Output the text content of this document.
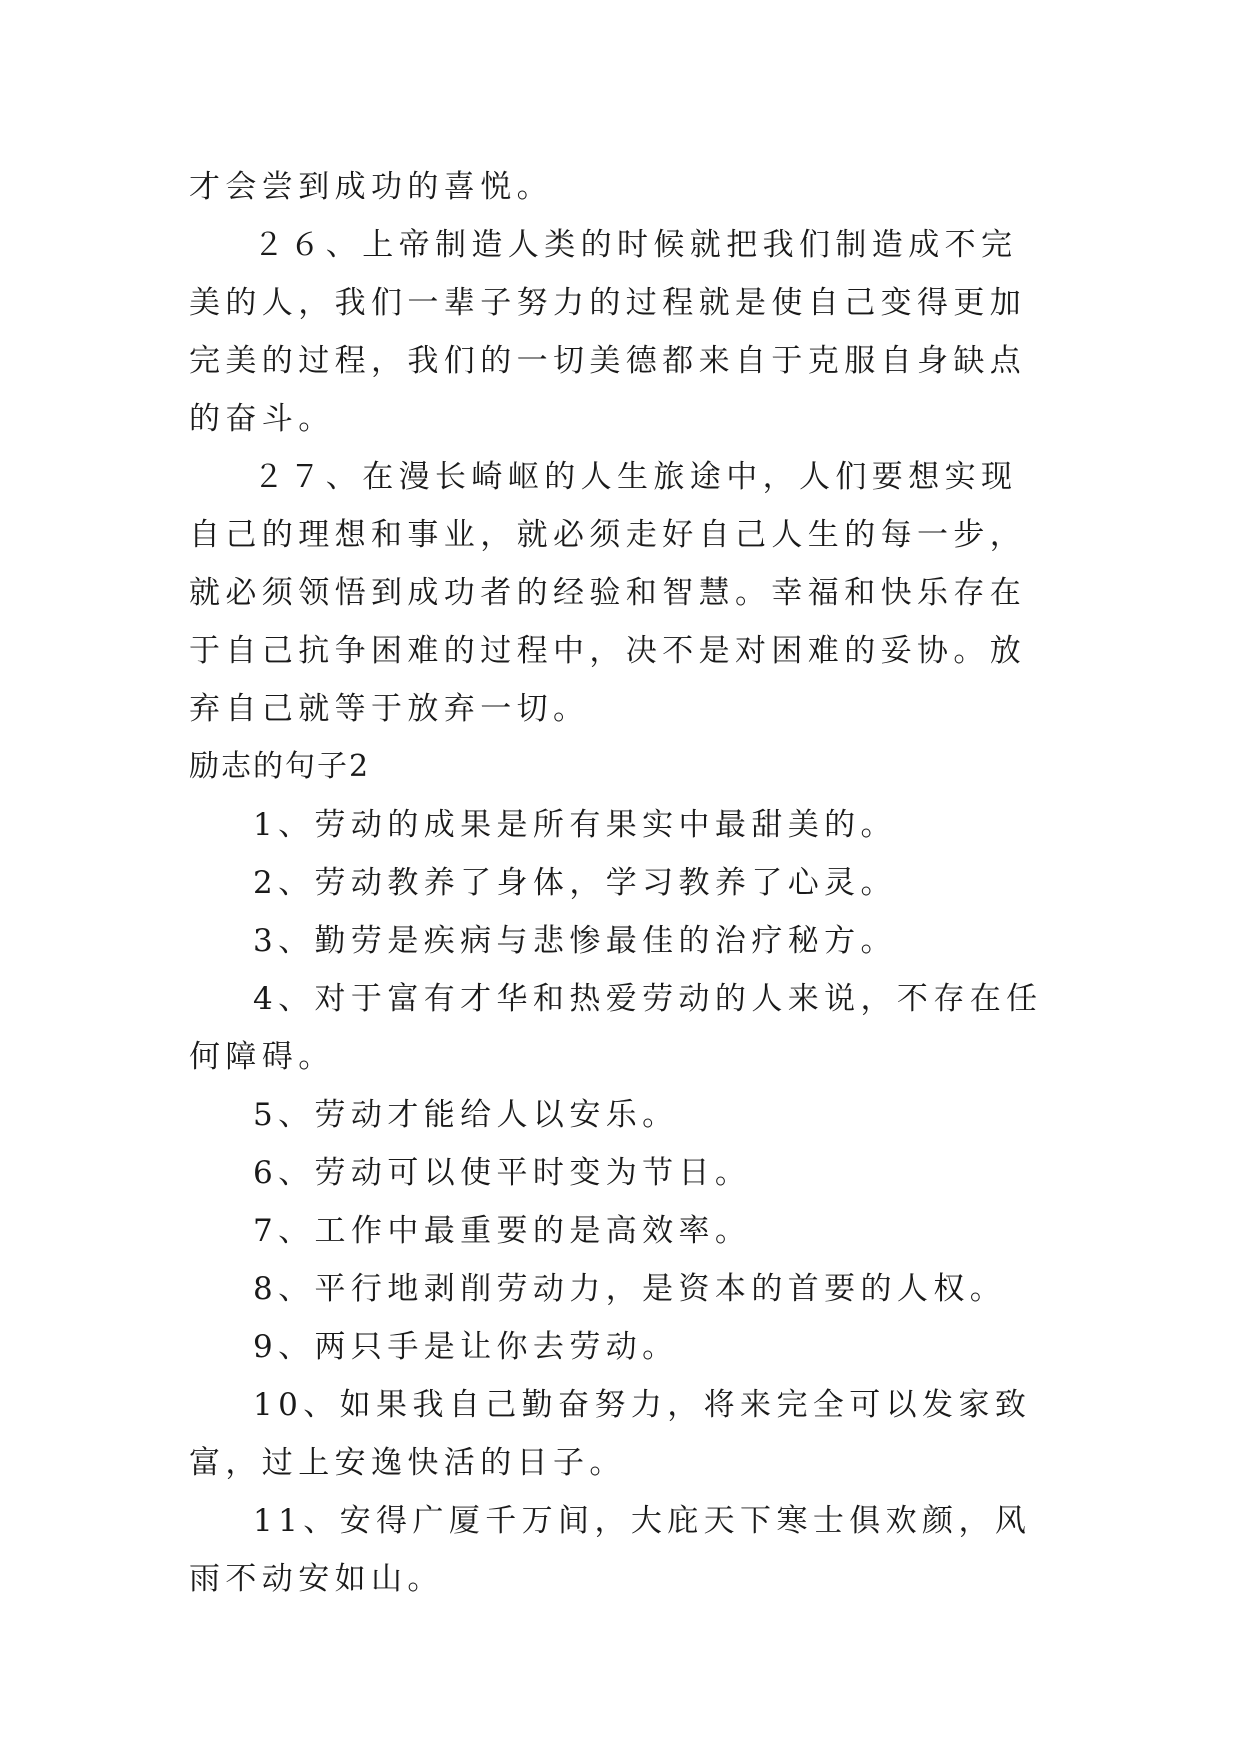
才会尝到成功的喜悦。

２６、上帝制造人类的时候就把我们制造成不完美的人，我们一辈子努力的过程就是使自己变得更加完美的过程，我们的一切美德都来自于克服自身缺点的奋斗。

２７、在漫长崎岖的人生旅途中，人们要想实现自己的理想和事业，就必须走好自己人生的每一步，就必须领悟到成功者的经验和智慧。幸福和快乐存在于自己抗争困难的过程中，决不是对困难的妥协。放弃自己就等于放弃一切。

励志的句子2

1、劳动的成果是所有果实中最甜美的。

2、劳动教养了身体，学习教养了心灵。

3、勤劳是疾病与悲惨最佳的治疗秘方。

4、对于富有才华和热爱劳动的人来说，不存在任何障碍。

5、劳动才能给人以安乐。

6、劳动可以使平时变为节日。

7、工作中最重要的是高效率。

8、平行地剥削劳动力，是资本的首要的人权。

9、两只手是让你去劳动。

10、如果我自己勤奋努力，将来完全可以发家致富，过上安逸快活的日子。

11、安得广厦千万间，大庇天下寒士俱欢颜，风雨不动安如山。
